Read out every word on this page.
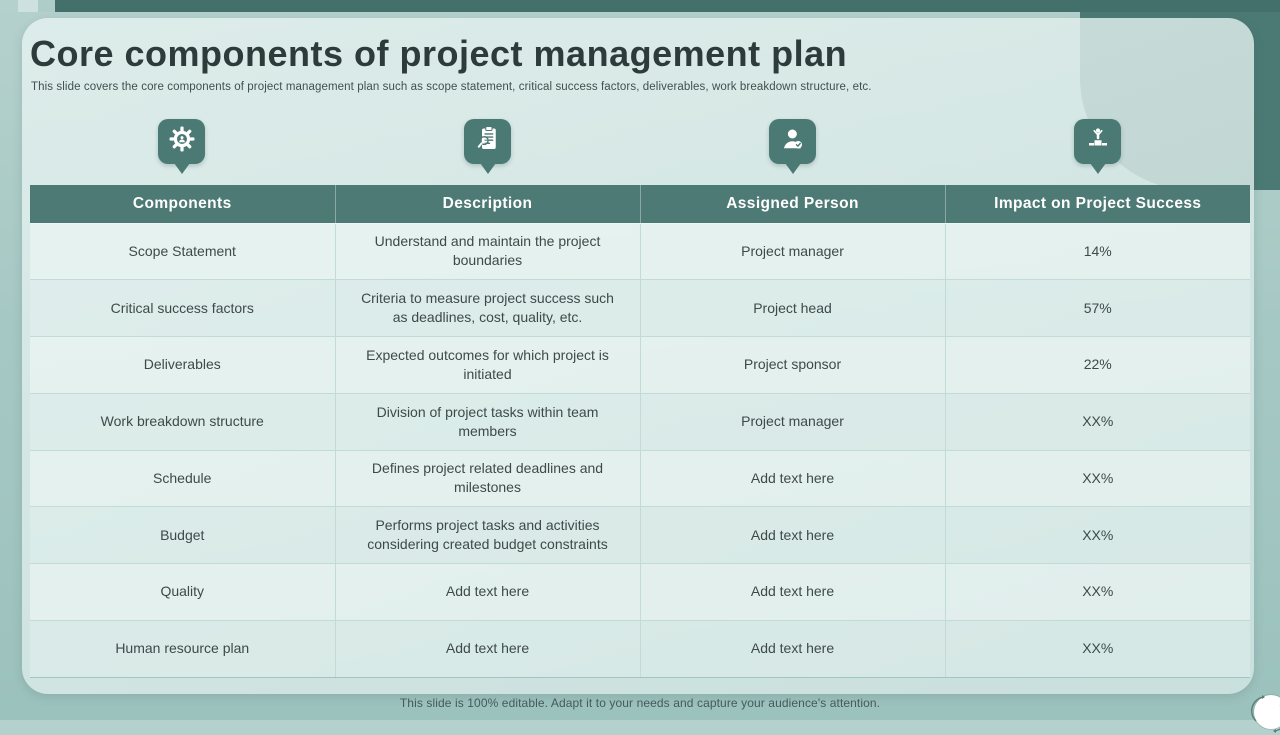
Core components of project management plan
This slide covers the core components of project management plan such as scope statement, critical success factors, deliverables, work breakdown structure, etc.
Components	Description	Assigned Person	Impact on Project Success
Scope Statement	Understand and maintain the project boundaries	Project manager	14%
Critical success factors	Criteria to measure project success such as deadlines, cost, quality, etc.	Project head	57%
Deliverables	Expected outcomes for which project is initiated	Project sponsor	22%
Work breakdown structure	Division of project tasks within team members	Project manager	XX%
Schedule	Defines project related deadlines and milestones	Add text here	XX%
Budget	Performs project tasks and activities considering created budget constraints	Add text here	XX%
Quality	Add text here	Add text here	XX%
Human resource plan	Add text here	Add text here	XX%
This slide is 100% editable. Adapt it to your needs and capture your audience's attention.
